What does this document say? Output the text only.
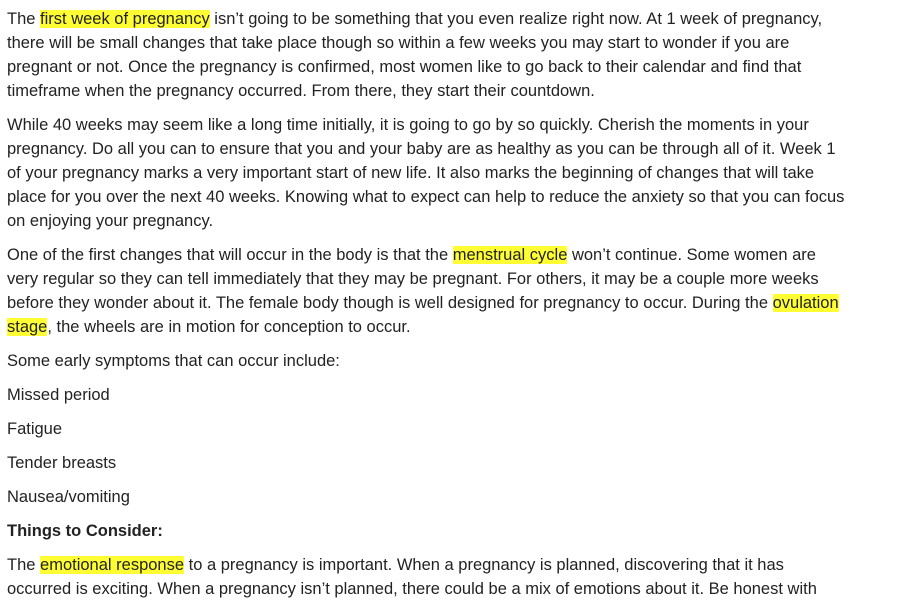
The first week of pregnancy isn’t going to be something that you even realize right now. At 1 week of pregnancy,
there will be small changes that take place though so within a few weeks you may start to wonder if you are
pregnant or not. Once the pregnancy is confirmed, most women like to go back to their calendar and find that
timeframe when the pregnancy occurred. From there, they start their countdown.

While 40 weeks may seem like a long time initially, it is going to go by so quickly. Cherish the moments in your
pregnancy. Do all you can to ensure that you and your baby are as healthy as you can be through all of it. Week 1
of your pregnancy marks a very important start of new life. It also marks the beginning of changes that will take
place for you over the next 40 weeks. Knowing what to expect can help to reduce the anxiety so that you can focus
on enjoying your pregnancy.

One of the first changes that will occur in the body is that the menstrual cycle won’t continue. Some women are
very regular so they can tell immediately that they may be pregnant. For others, it may be a couple more weeks
before they wonder about it. The female body though is well designed for pregnancy to occur. During the ovulation
stage, the wheels are in motion for conception to occur.

Some early symptoms that can occur include:

Missed period

Fatigue

Tender breasts

Nausea/vomiting

Things to Consider:

The emotional response to a pregnancy is important. When a pregnancy is planned, discovering that it has
occurred is exciting. When a pregnancy isn’t planned, there could be a mix of emotions about it. Be honest with
